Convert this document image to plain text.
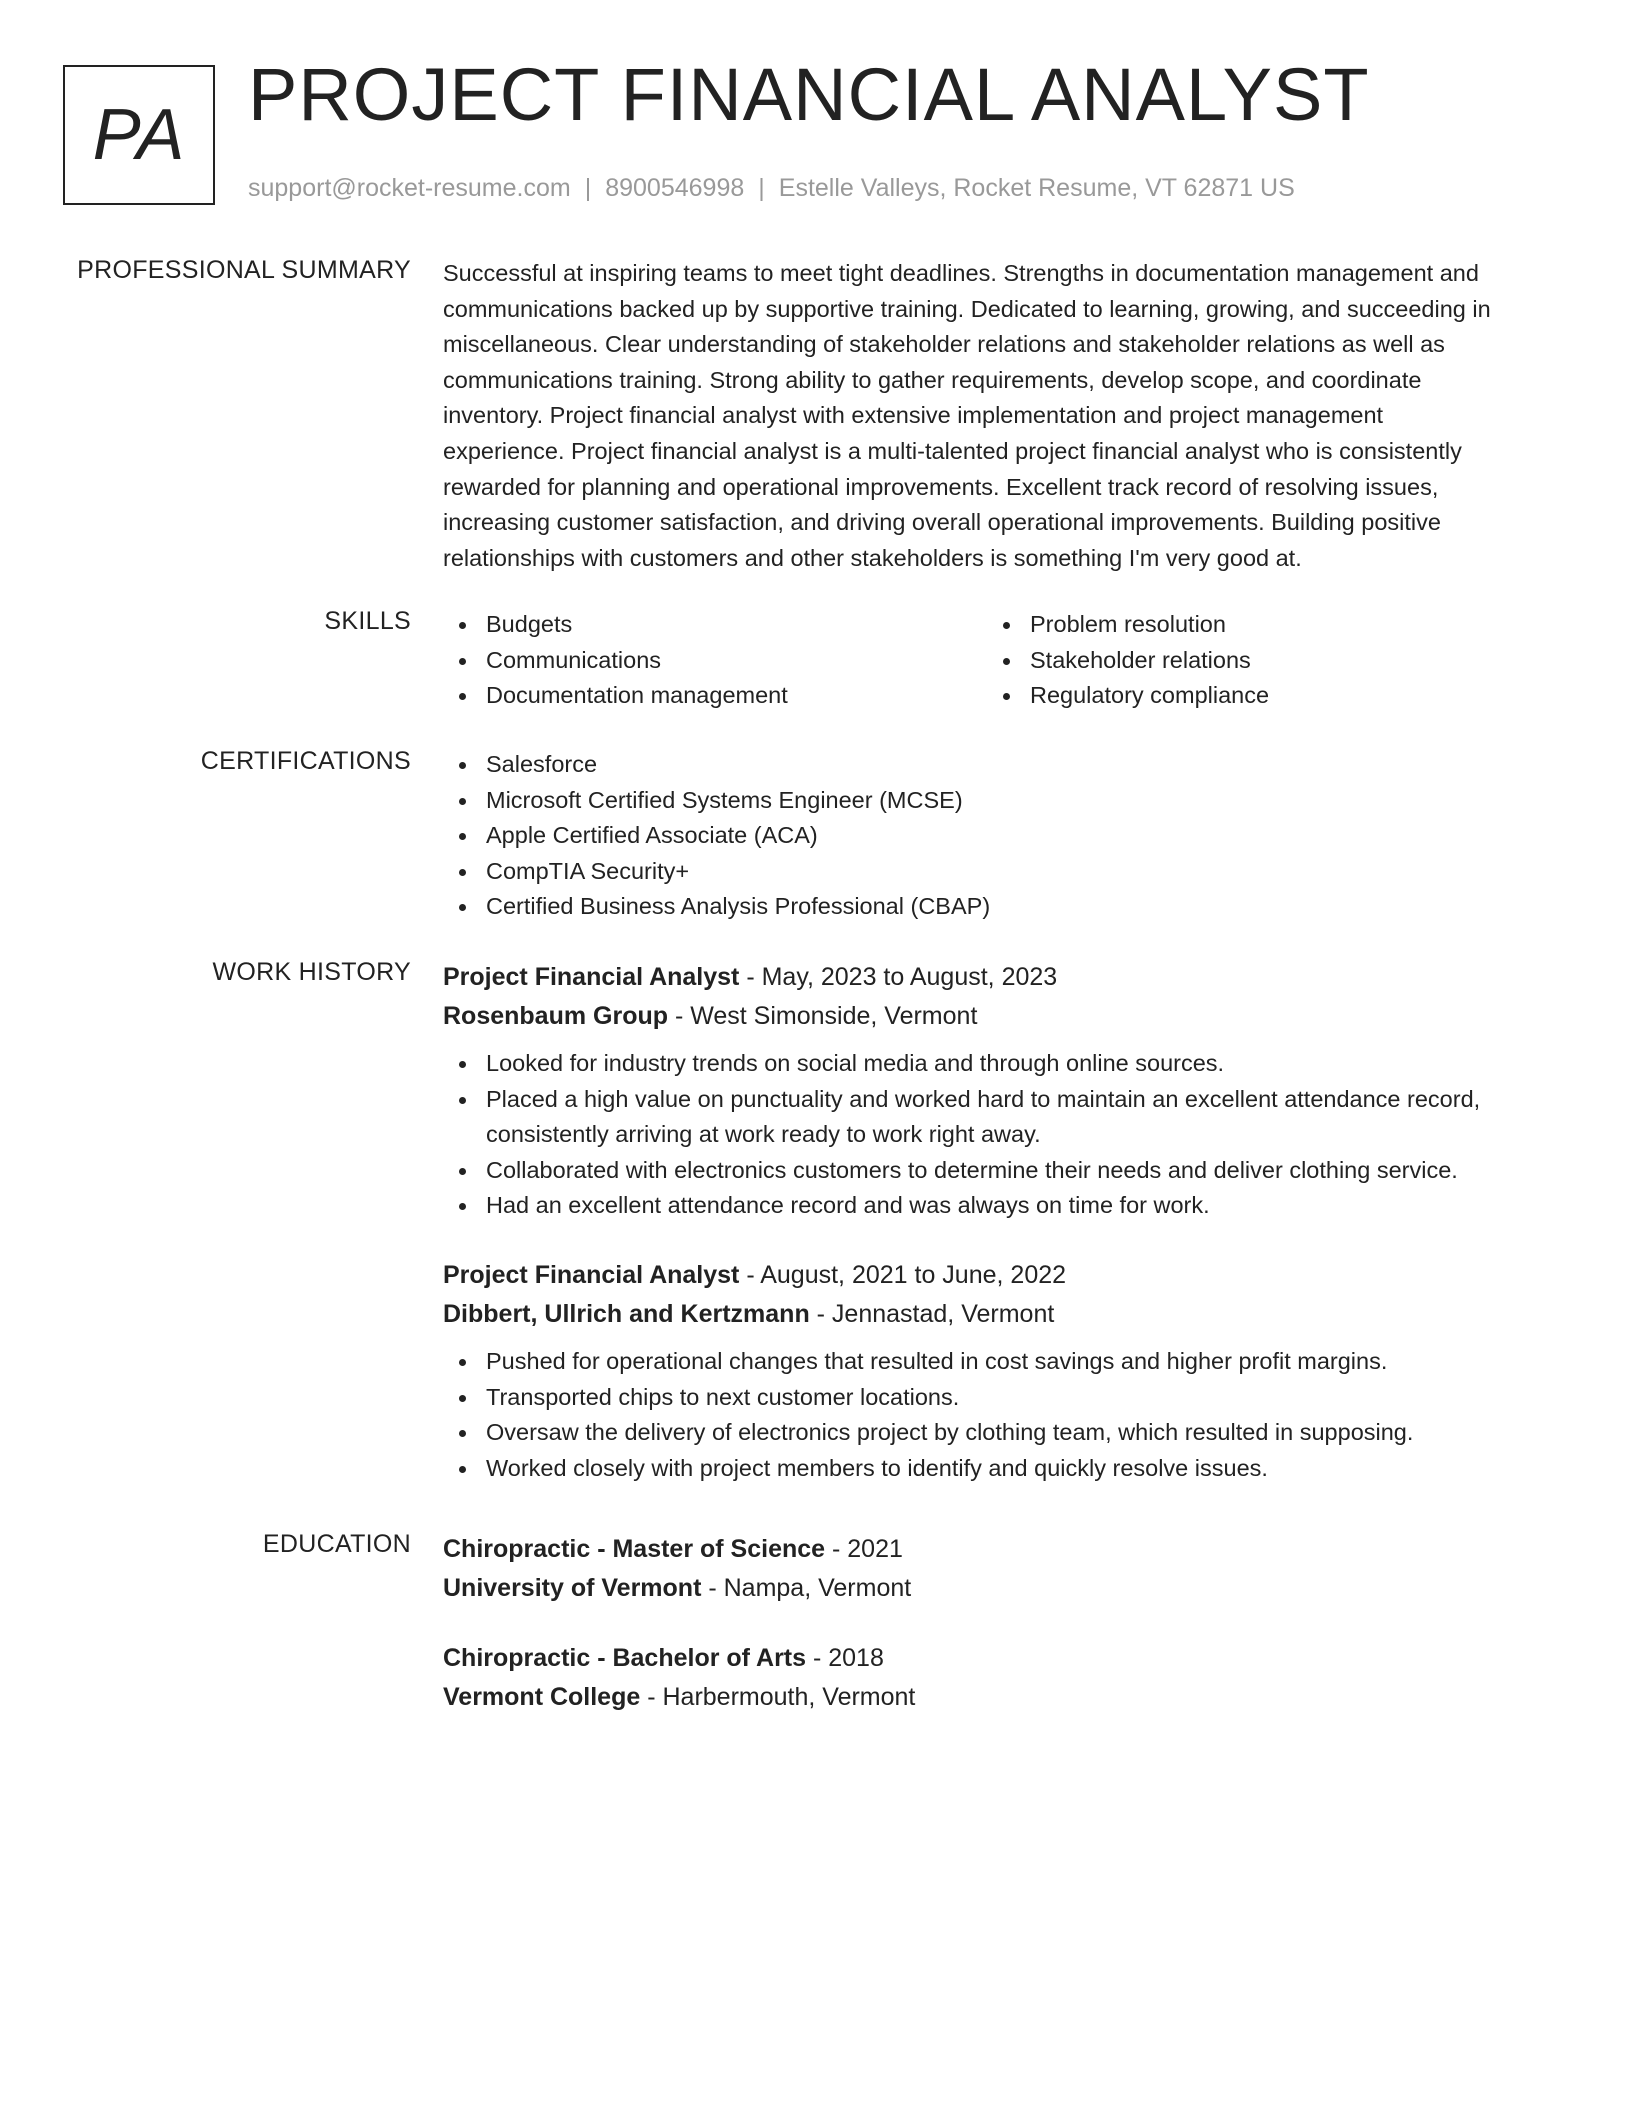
PA PROJECT FINANCIAL ANALYST
support@rocket-resume.com | 8900546998 | Estelle Valleys, Rocket Resume, VT 62871 US
PROFESSIONAL SUMMARY Successful at inspiring teams to meet tight deadlines. Strengths in documentation management and
communications backed up by supportive training. Dedicated to learning, growing, and succeeding in
miscellaneous. Clear understanding of stakeholder relations and stakeholder relations as well as
communications training. Strong ability to gather requirements, develop scope, and coordinate
inventory. Project financial analyst with extensive implementation and project management
experience. Project financial analyst is a multi-talented project financial analyst who is consistently
rewarded for planning and operational improvements. Excellent track record of resolving issues,
increasing customer satisfaction, and driving overall operational improvements. Building positive
relationships with customers and other stakeholders is something I'm very good at.
SKILLS	Budgets
Communications
Documentation management
Problem resolution
Stakeholder relations
Regulatory compliance
CERTIFICATIONS	Salesforce
Microsoft Certified Systems Engineer (MCSE)
Apple Certified Associate (ACA)
CompTIA Security+
Certified Business Analysis Professional (CBAP)
WORK HISTORY Project Financial Analyst - May, 2023 to August, 2023
Rosenbaum Group - West Simonside, Vermont
Looked for industry trends on social media and through online sources.
Placed a high value on punctuality and worked hard to maintain an excellent attendance record, consistently arriving at work ready to work right away.
Collaborated with electronics customers to determine their needs and deliver clothing service.
Had an excellent attendance record and was always on time for work.
Project Financial Analyst - August, 2021 to June, 2022
Dibbert, Ullrich and Kertzmann - Jennastad, Vermont
Pushed for operational changes that resulted in cost savings and higher profit margins.
Transported chips to next customer locations.
Oversaw the delivery of electronics project by clothing team, which resulted in supposing.
Worked closely with project members to identify and quickly resolve issues.
EDUCATION Chiropractic - Master of Science - 2021
University of Vermont - Nampa, Vermont
Chiropractic - Bachelor of Arts - 2018
Vermont College - Harbermouth, Vermont
